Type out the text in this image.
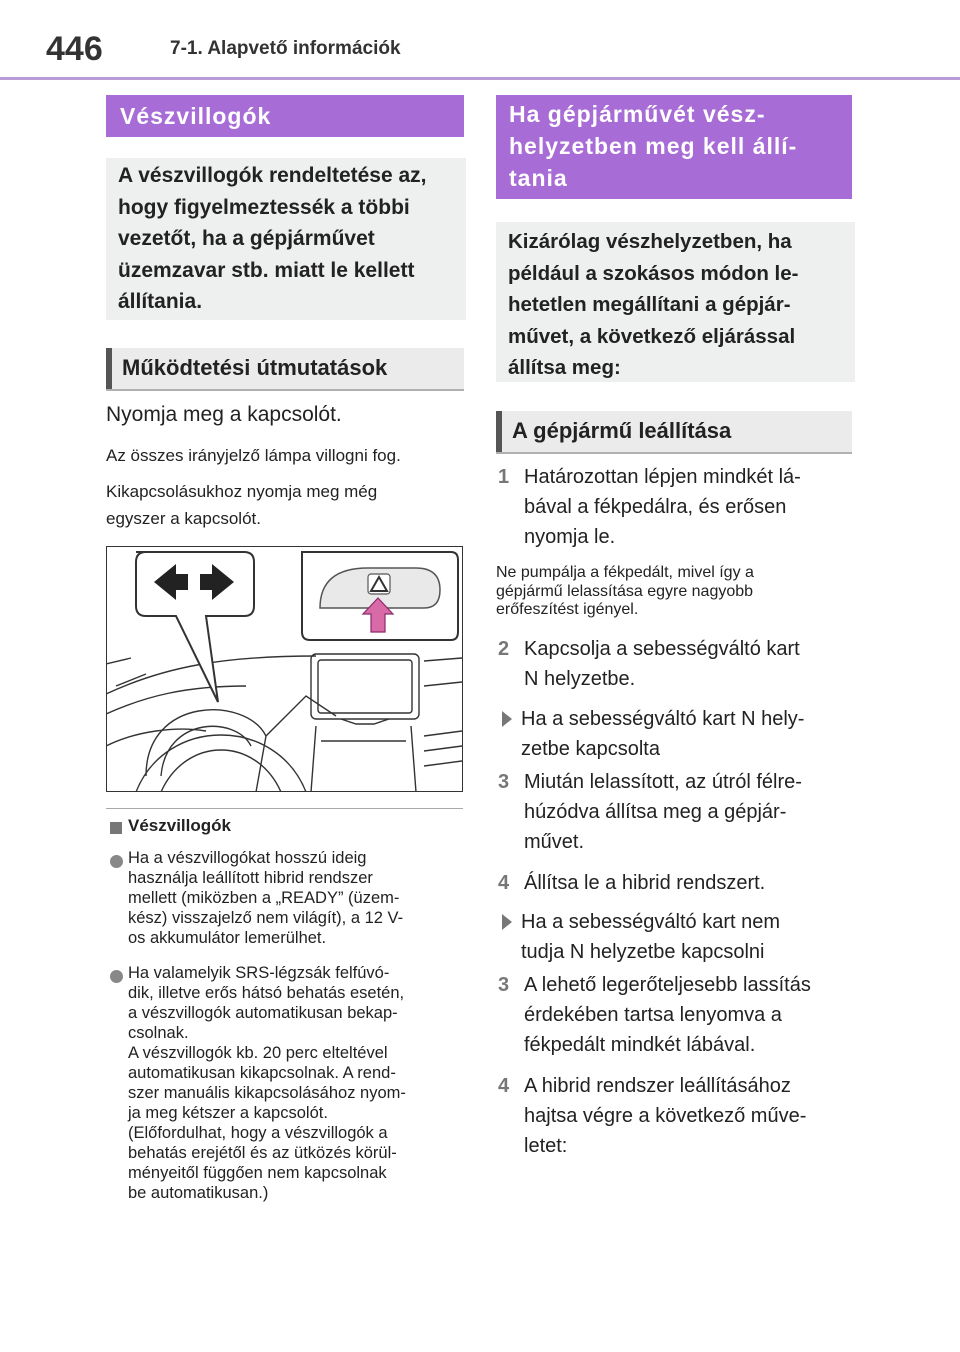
446	7-1. Alapvető információk
Vészvillogók

A vészvillogók rendeltetése az,

hogy figyelmeztessék a többi

vezetőt, ha a gépjárművet

üzemzavar stb. miatt le kellett

állítania.

Működtetési útmutatások
Nyomja meg a kapcsolót.
Az összes irányjelző lámpa villogni fog.
Kikapcsolásukhoz nyomja meg még
egyszer a kapcsolót.
Vészvillogók
Ha a vészvillogókat hosszú ideig
használja leállított hibrid rendszer
mellett (miközben a „READY” (üzem-
kész) visszajelző nem világít), a 12 V-
os akkumulátor lemerülhet.
Ha valamelyik SRS-légzsák felfúvó-
dik, illetve erős hátsó behatás esetén,
a vészvillogók automatikusan bekap-
csolnak.
A vészvillogók kb. 20 perc elteltével
automatikusan kikapcsolnak. A rend-
szer manuális kikapcsolásához nyom-
ja meg kétszer a kapcsolót.
(Előfordulhat, hogy a vészvillogók a
behatás erejétől és az ütközés körül-
ményeitől függően nem kapcsolnak
be automatikusan.)
Ha gépjárművét vész-
helyzetben meg kell állí-
tania

Kizárólag vészhelyzetben, ha

például a szokásos módon le-

hetetlen megállítani a gépjár-

művet, a következő eljárással

állítsa meg:

A gépjármű leállítása
1 Határozottan lépjen mindkét lá-
bával a fékpedálra, és erősen
nyomja le.
Ne pumpálja a fékpedált, mivel így a
gépjármű lelassítása egyre nagyobb
erőfeszítést igényel.
2 Kapcsolja a sebességváltó kart
N helyzetbe.
Ha a sebességváltó kart N hely-
zetbe kapcsolta
3 Miután lelassított, az útról félre-
húzódva állítsa meg a gépjár-
művet.
4 Állítsa le a hibrid rendszert.
Ha a sebességváltó kart nem
tudja N helyzetbe kapcsolni
3 A lehető legerőteljesebb lassítás
érdekében tartsa lenyomva a
fékpedált mindkét lábával.
4 A hibrid rendszer leállításához
hajtsa végre a következő műve-
letet:
